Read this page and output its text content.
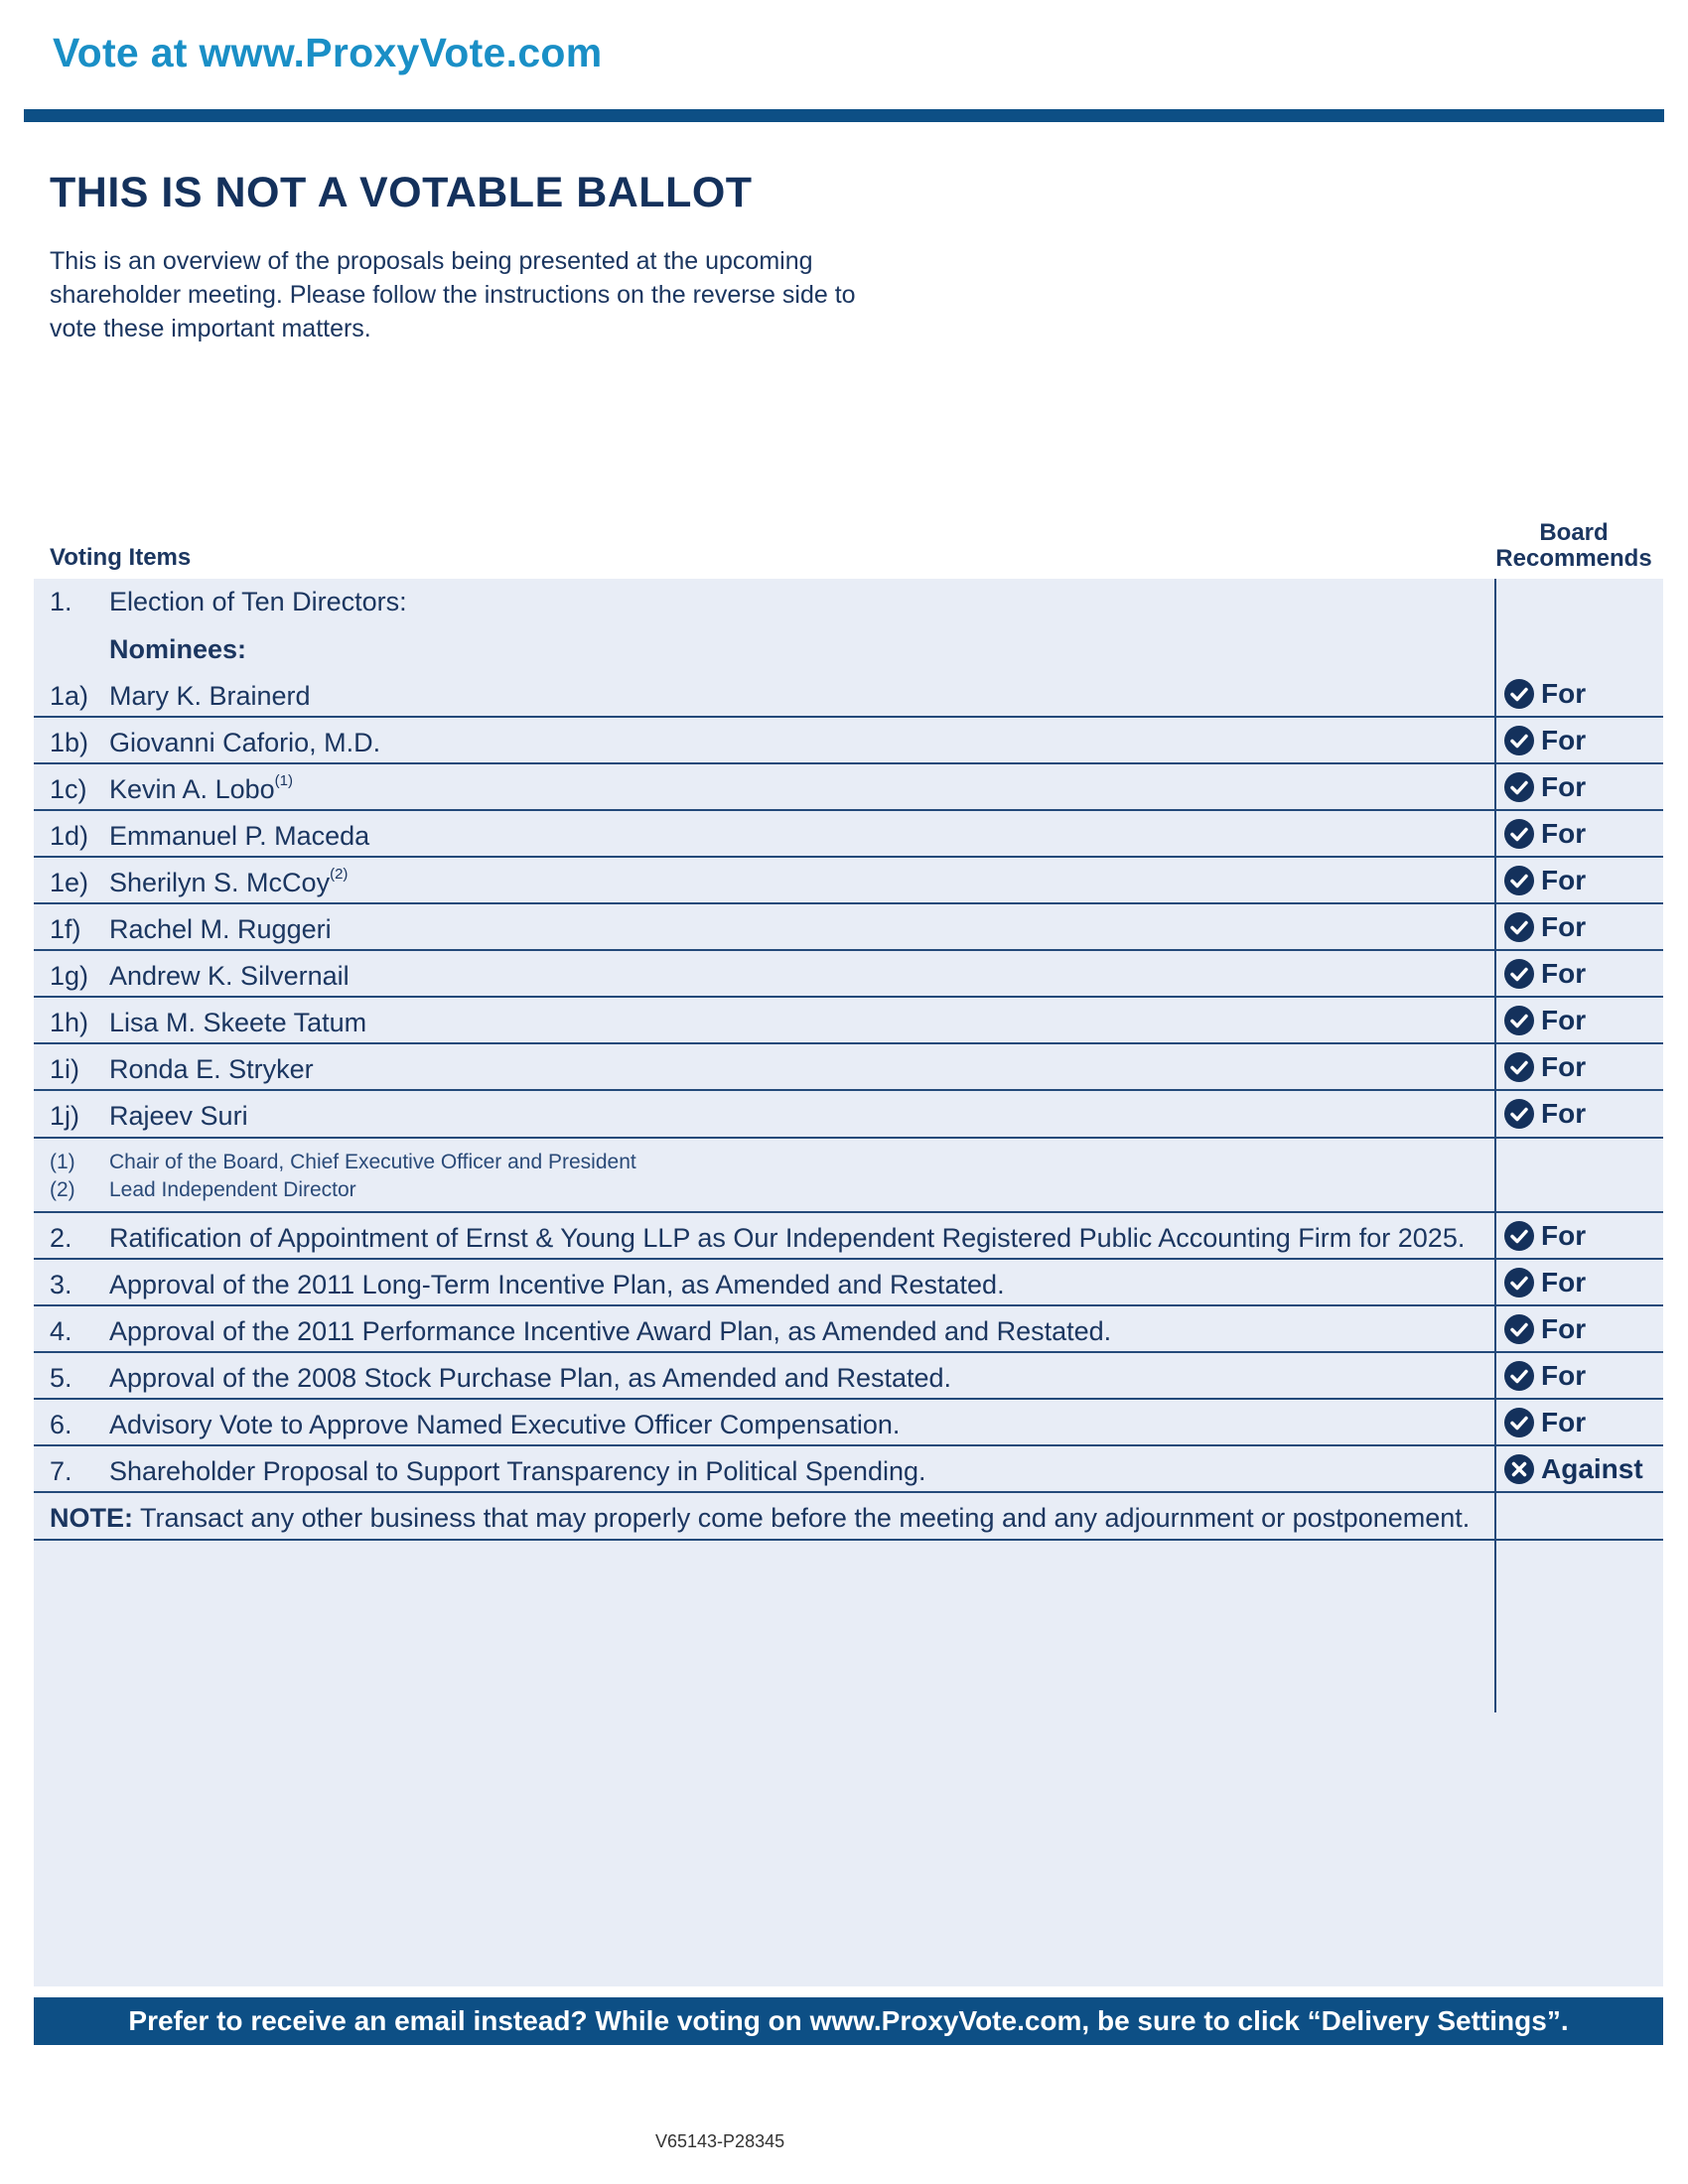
Vote at www.ProxyVote.com
THIS IS NOT A VOTABLE BALLOT
This is an overview of the proposals being presented at the upcoming shareholder meeting. Please follow the instructions on the reverse side to vote these important matters.
Voting Items
Board
Recommends
1. Election of Ten Directors:
Nominees:
1a) Mary K. Brainerd	For
1b) Giovanni Caforio, M.D.	For
1c) Kevin A. Lobo$^{(1)}$	For
1d) Emmanuel P. Maceda	For
1e) Sherilyn S. McCoy$^{(2)}$	For
1f) Rachel M. Ruggeri	For
1g) Andrew K. Silvernail	For
1h) Lisa M. Skeete Tatum	For
1i) Ronda E. Stryker	For
1j) Rajeev Suri	For
(1) Chair of the Board, Chief Executive Officer and President
(2) Lead Independent Director
2. Ratification of Appointment of Ernst & Young LLP as Our Independent Registered Public Accounting Firm for 2025.	For
3. Approval of the 2011 Long-Term Incentive Plan, as Amended and Restated.	For
4. Approval of the 2011 Performance Incentive Award Plan, as Amended and Restated.	For
5. Approval of the 2008 Stock Purchase Plan, as Amended and Restated.	For
6. Advisory Vote to Approve Named Executive Officer Compensation.	For
7. Shareholder Proposal to Support Transparency in Political Spending.	Against
NOTE: Transact any other business that may properly come before the meeting and any adjournment or postponement.
Prefer to receive an email instead? While voting on www.ProxyVote.com, be sure to click “Delivery Settings”.
V65143-P28345
